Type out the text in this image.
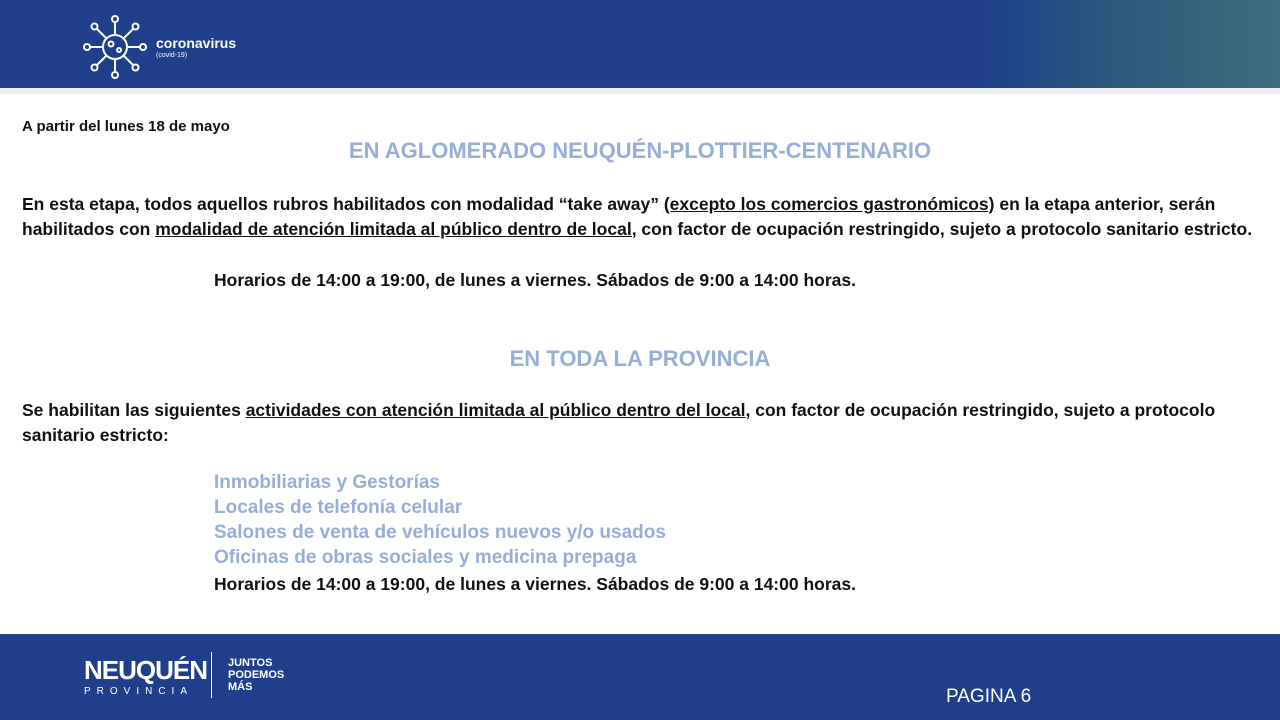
coronavirus
(covid-19)
A partir del lunes 18 de mayo
EN AGLOMERADO NEUQUÉN-PLOTTIER-CENTENARIO
En esta etapa, todos aquellos rubros habilitados con modalidad “take away” (excepto los comercios gastronómicos) en la etapa anterior, serán habilitados con modalidad de atención limitada al público dentro de local, con factor de ocupación restringido, sujeto a protocolo sanitario estricto.
Horarios de 14:00 a 19:00, de lunes a viernes. Sábados de 9:00 a 14:00 horas.
EN TODA LA PROVINCIA
Se habilitan las siguientes actividades con atención limitada al público dentro del local, con factor de ocupación restringido, sujeto a protocolo sanitario estricto:
Inmobiliarias y Gestorías
Locales de telefonía celular
Salones de venta de vehículos nuevos y/o usados
Oficinas de obras sociales y medicina prepaga
Horarios de 14:00 a 19:00, de lunes a viernes. Sábados de 9:00 a 14:00 horas.
NEUQUÉN
PROVINCIA
JUNTOS
PODEMOS
MÁS	PAGINA 6
